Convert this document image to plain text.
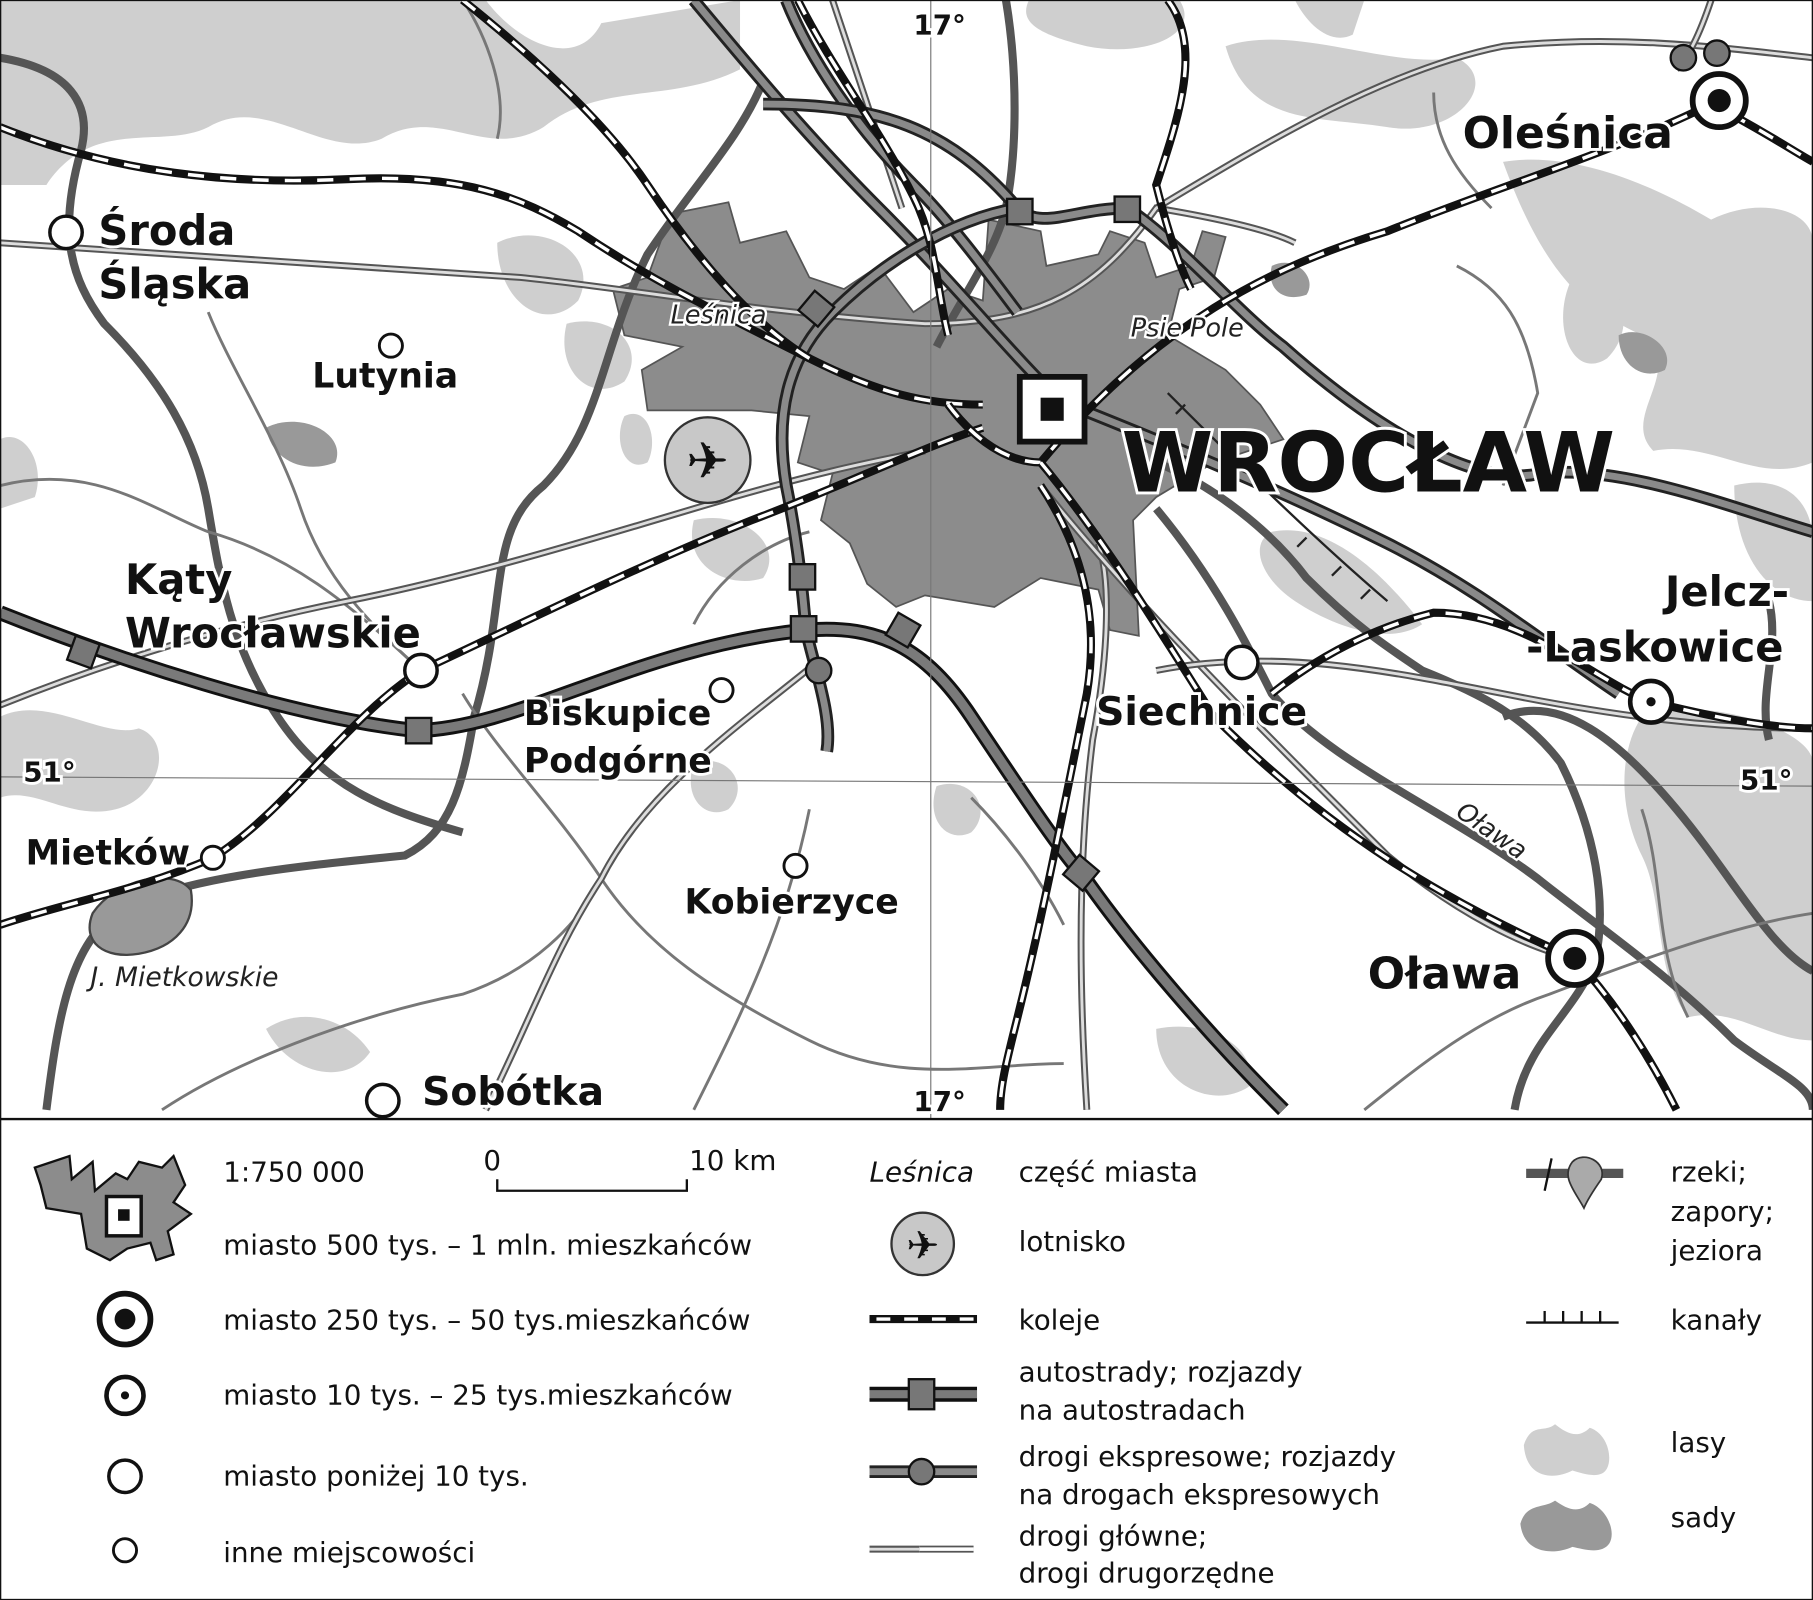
✈	WROCŁAW
Oleśnica
Oława
Jelcz-
-Laskowice
Środa
Śląska
Kąty
Wrocławskie
Siechnice
Sobótka
Lutynia
Biskupice
Podgórne
Kobierzyce
Mietków
Leśnica	Psie Pole
J. Mietkowskie
Oława
17°
17°
51°	51°
1:750 000	0	10 km
miasto 500 tys. – 1 mln. mieszkańców
miasto 250 tys. – 50 tys.mieszkańców
miasto 10 tys. – 25 tys.mieszkańców
miasto poniżej 10 tys.
inne miejscowości
Leśnica część miasta
✈	lotnisko
koleje
autostrady; rozjazdy
na autostradach
drogi ekspresowe; rozjazdy
na drogach ekspresowych
drogi główne;
drogi drugorzędne
rzeki;
zapory;
jeziora
kanały
lasy
sady
